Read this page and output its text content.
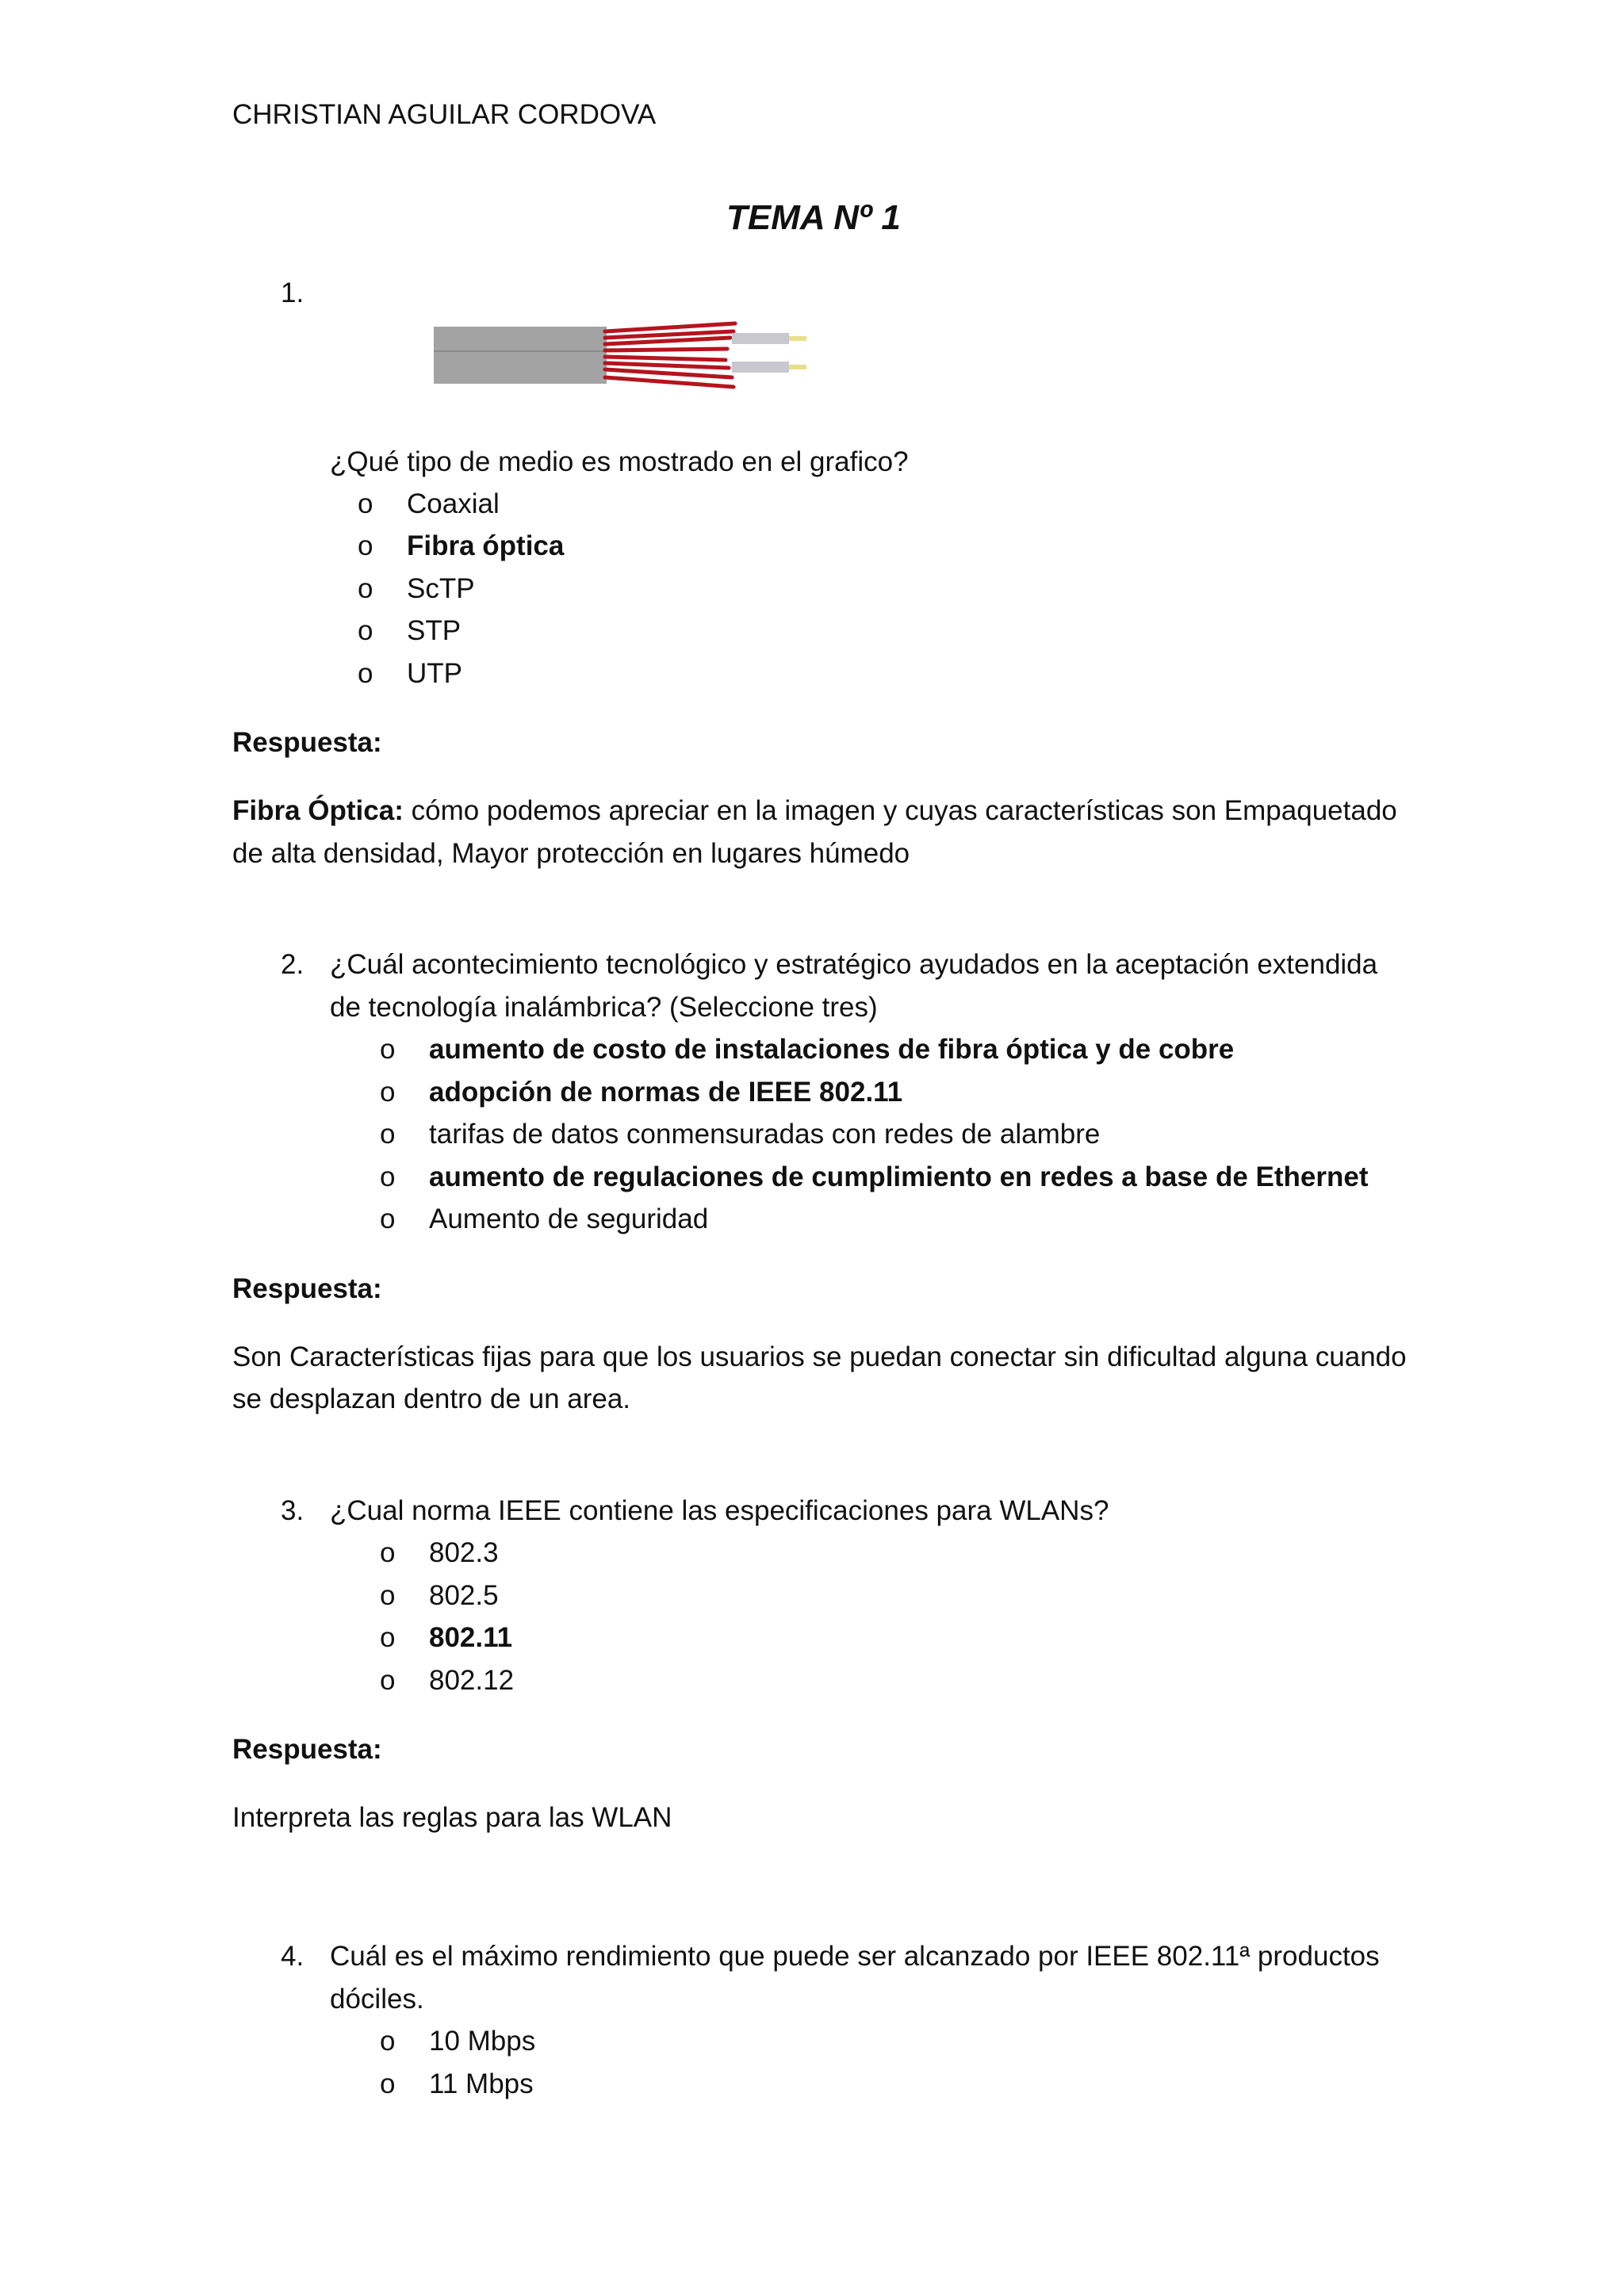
CHRISTIAN AGUILAR CORDOVA
TEMA Nº 1
1.
¿Qué tipo de medio es mostrado en el grafico?
o Coaxial
o Fibra óptica
o ScTP
o STP
o UTP
Respuesta:
Fibra Óptica: cómo podemos apreciar en la imagen y cuyas características son Empaquetado
de alta densidad, Mayor protección en lugares húmedo
2. ¿Cuál acontecimiento tecnológico y estratégico ayudados en la aceptación extendida
de tecnología inalámbrica? (Seleccione tres)
o aumento de costo de instalaciones de fibra óptica y de cobre
o adopción de normas de IEEE 802.11
o tarifas de datos conmensuradas con redes de alambre
o aumento de regulaciones de cumplimiento en redes a base de Ethernet
o Aumento de seguridad
Respuesta:
Son Características fijas para que los usuarios se puedan conectar sin dificultad alguna cuando
se desplazan dentro de un area.
3. ¿Cual norma IEEE contiene las especificaciones para WLANs?
o 802.3
o 802.5
o 802.11
o 802.12
Respuesta:
Interpreta las reglas para las WLAN
4. Cuál es el máximo rendimiento que puede ser alcanzado por IEEE 802.11ª productos
dóciles.
o 10 Mbps
o 11 Mbps
